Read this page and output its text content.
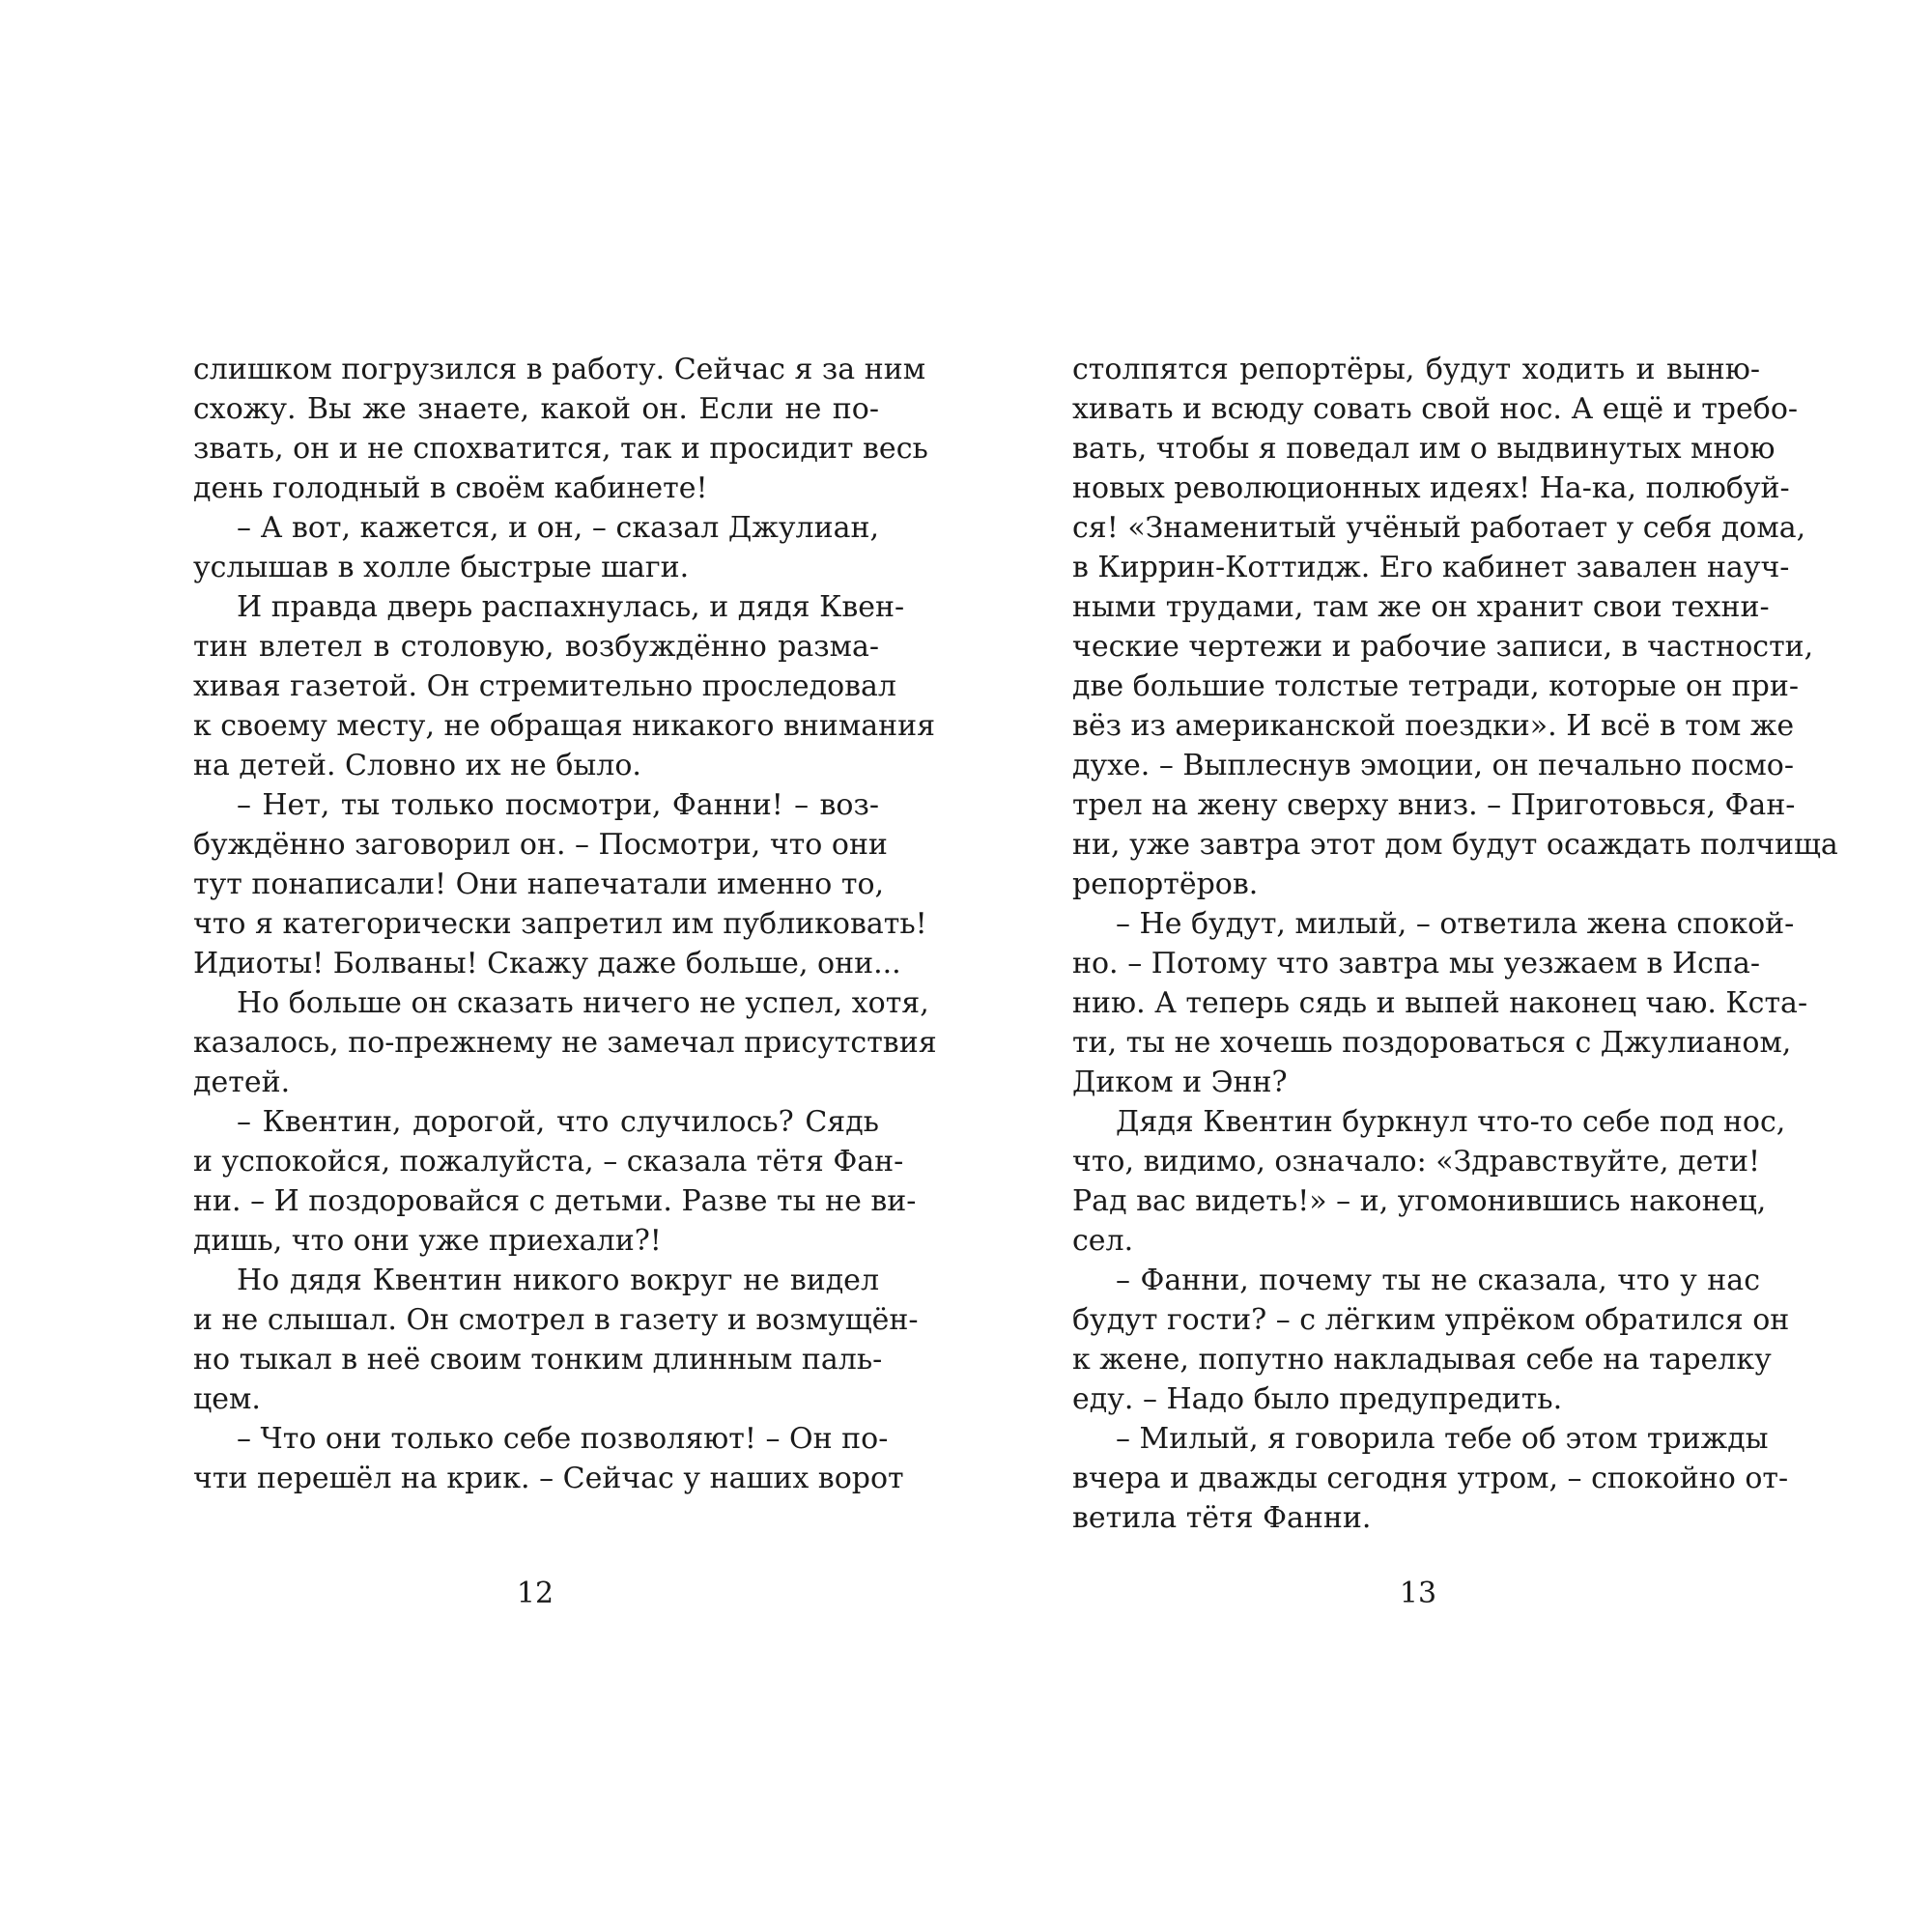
слишком погрузился в работу. Сейчас я за ним
схожу. Вы же знаете, какой он. Если не по-
звать, он и не спохватится, так и просидит весь
день голодный в своём кабинете!
– А вот, кажется, и он, – сказал Джулиан,
услышав в холле быстрые шаги.
И правда дверь распахнулась, и дядя Квен-
тин влетел в столовую, возбуждённо разма-
хивая газетой. Он стремительно проследовал
к своему месту, не обращая никакого внимания
на детей. Словно их не было.
– Нет, ты только посмотри, Фанни! – воз-
буждённо заговорил он. – Посмотри, что они
тут понаписали! Они напечатали именно то,
что я категорически запретил им публиковать!
Идиоты! Болваны! Скажу даже больше, они...
Но больше он сказать ничего не успел, хотя,
казалось, по-прежнему не замечал присутствия
детей.
– Квентин, дорогой, что случилось? Сядь
и успокойся, пожалуйста, – сказала тётя Фан-
ни. – И поздоровайся с детьми. Разве ты не ви-
дишь, что они уже приехали?!
Но дядя Квентин никого вокруг не видел
и не слышал. Он смотрел в газету и возмущён-
но тыкал в неё своим тонким длинным паль-
цем.
– Что они только себе позволяют! – Он по-
чти перешёл на крик. – Сейчас у наших ворот
столпятся репортёры, будут ходить и выню-
хивать и всюду совать свой нос. А ещё и требо-
вать, чтобы я поведал им о выдвинутых мною
новых революционных идеях! На-ка, полюбуй-
ся! «Знаменитый учёный работает у себя дома,
в Киррин-Коттидж. Его кабинет завален науч-
ными трудами, там же он хранит свои техни-
ческие чертежи и рабочие записи, в частности,
две большие толстые тетради, которые он при-
вёз из американской поездки». И всё в том же
духе. – Выплеснув эмоции, он печально посмо-
трел на жену сверху вниз. – Приготовься, Фан-
ни, уже завтра этот дом будут осаждать полчища
репортёров.
– Не будут, милый, – ответила жена спокой-
но. – Потому что завтра мы уезжаем в Испа-
нию. А теперь сядь и выпей наконец чаю. Кста-
ти, ты не хочешь поздороваться с Джулианом,
Диком и Энн?
Дядя Квентин буркнул что-то себе под нос,
что, видимо, означало: «Здравствуйте, дети!
Рад вас видеть!» – и, угомонившись наконец,
сел.
– Фанни, почему ты не сказала, что у нас
будут гости? – с лёгким упрёком обратился он
к жене, попутно накладывая себе на тарелку
еду. – Надо было предупредить.
– Милый, я говорила тебе об этом трижды
вчера и дважды сегодня утром, – спокойно от-
ветила тётя Фанни.
12	13
